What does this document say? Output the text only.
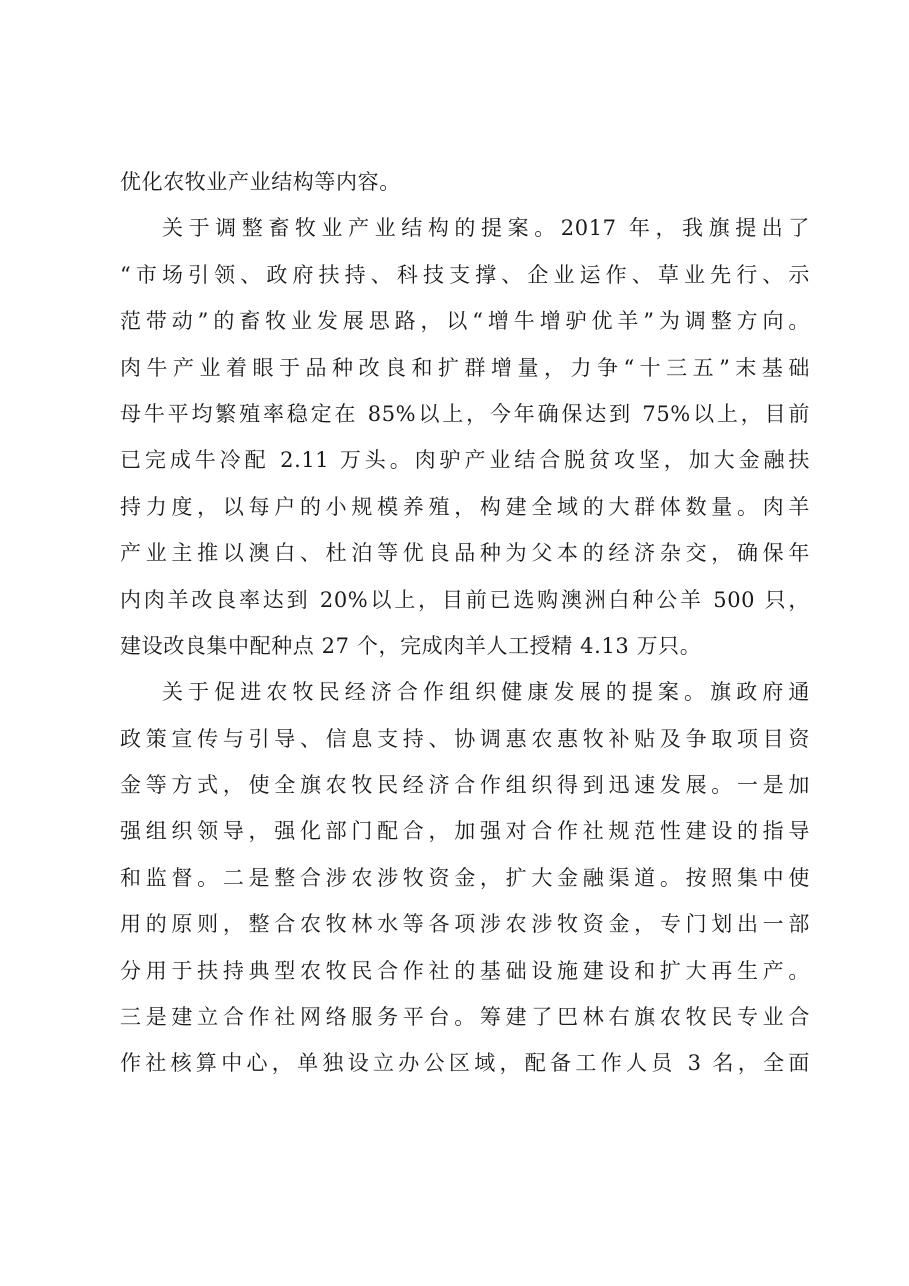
优化农牧业产业结构等内容。
关于调整畜牧业产业结构的提案。2017 年，我旗提出了
“市场引领、政府扶持、科技支撑、企业运作、草业先行、示
范带动”的畜牧业发展思路，以“增牛增驴优羊”为调整方向。
肉牛产业着眼于品种改良和扩群增量，力争“十三五”末基础
母牛平均繁殖率稳定在 85%以上，今年确保达到 75%以上，目前
已完成牛冷配 2.11 万头。肉驴产业结合脱贫攻坚，加大金融扶
持力度，以每户的小规模养殖，构建全域的大群体数量。肉羊
产业主推以澳白、杜泊等优良品种为父本的经济杂交，确保年
内肉羊改良率达到 20%以上，目前已选购澳洲白种公羊 500 只，
建设改良集中配种点 27 个，完成肉羊人工授精 4.13 万只。
关于促进农牧民经济合作组织健康发展的提案。旗政府通
政策宣传与引导、信息支持、协调惠农惠牧补贴及争取项目资
金等方式，使全旗农牧民经济合作组织得到迅速发展。一是加
强组织领导，强化部门配合，加强对合作社规范性建设的指导
和监督。二是整合涉农涉牧资金，扩大金融渠道。按照集中使
用的原则，整合农牧林水等各项涉农涉牧资金，专门划出一部
分用于扶持典型农牧民合作社的基础设施建设和扩大再生产。
三是建立合作社网络服务平台。筹建了巴林右旗农牧民专业合
作社核算中心，单独设立办公区域，配备工作人员 3 名，全面
